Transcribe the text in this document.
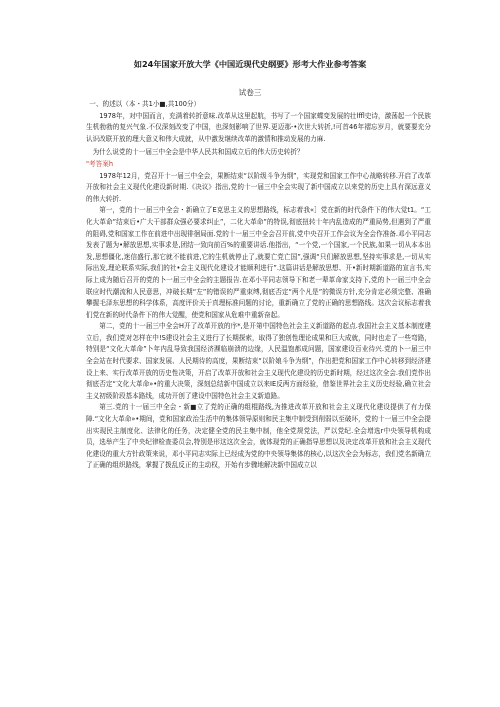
如24年国家开放大学《中国近现代史纲要》形考大作业参考答案
试卷三

一、的述以（本・共1小■,共100分）

1978年，对中国而言，充满着转折意味.改革从这里起航，书写了一个国家蝶变发展的壮lffl史诗，激荡起一个民族生机勃勃的复兴气象.不仅深刻改变了中国，也深刻影响了世界.更迈那-•次世大转折,!可首46年褶忘岁月，就要要充分认识改联开放的理大意义和伟大成就，从中激发继续改革的激情和推动发展的力麻.

为什么说党的十一届三中全会是中华人民共和国成立后的伟大历史转折？

"考答案h

1978年12月，党召开十一届三中全会，果断结束“以阶级斗争为纲”，实现党和国家工作中心战略转移.开启了改革开放和社会主义现代化建设新时期.《决议》指出,党的十一届三中全会实现了新中国成立以来党的历史上具有深远意义的伟大转折.

第一，党的十一届三中全会・新确立了E克思主义的思想路线，标志着我«］党在新的时代条件下的伟大觉t1。“工化大革命”结束后•广大干部群众强必要求纠止”，二化大革命”的特误,彻底扭转十年内乱造成的严重局势,但遇到了严重的阻碍,党和国家工作在前进中出现徘徊局面.党的十一届三中全会召开前,党中央召开工作会议为全会作准备.邓小平同志发表了题为•解放思想,实事求是,团结一致向前百%的重要讲话.他指出，“一个党,一个国家,一个民族,如果一切从本本出发,思想僵化,迷信盛行,那它就不能前进,它的生机就停止了,就要亡党亡国”,强调“只们解放思想,坚持实事求是,一切从实际出发,理论联系实际,我们的社•会主义现代化建设才能顺利进行”.这篇讲话是解放思想、开•新时期新道路的宣言书,实际上成为随后召开的党的卜一届三中全会的主题报告.在邓小平同志领导下和老一辈革命家支持下,党的卜一届三中全会联应时代潮流和人民意思，冲破长期“左”的错误的严重束缚,彻底否定“两个凡是”的微误方针,充分肯定必须完整、准确攀握毛泽东思想的科学体系，高度评价关于真理标准问题的讨论，重新确立了党的正确的思想路线。这次会议标志着我们党在新的时代条件下的伟大觉醒，使党和国家从危难中重新奋起。

第二，党的十一届三中全会H开了改革开放的序*,是开第中国特色社会主义新道路的起点.我国社会主义基本制度建立后，我们党对怎样在中!S建设社会主义进行了长期探索，取得了独创性理论成果和巨大成就，同时也走了一些弯路，特别是“文化大革命”卜年内乱导致我国经济濒临崩溃的边缘，人民温饱都成问题，国家建设百业待兴.党的卜一届三中全会站在时代要求、国家发展、人民期待的高度，果断结束“以阶娘斗争为纲”，作出把党和国家工作中心转移到经济建设上来、实行改革开放的历史性决策，开启了改革开放和社会主义现代化建设的历史新时期，经过这次全会.我们党作出彻底否定“文化大革命»•的重大决策，深刻总结新中国成立以来IE反两方面经验，借鉴世界社会主义历史经验,确立社会主义初级阶段基本路线，成功开创了建设中国特色社会主义新道路。

第三.党的十一届三中全会・新■立了党的正确的组棍路线,为推进改革开放和社会主义现代化建设提供了有力保障.“文化大革命»•期间，党和国家政治生活中的集体领导原则和民主集中制受到削弱以至破坏，党的十一届三中全会提出实现民主制度化、法律化的任务，决定健全党的民主集中制，他全党规党法，严以党纪.全会增选r中央领导机构成员，选举产生了中央纪律检查委员会,特别是形这这次全会，就体现党的正确指导思想以及决定改革开放和社会主义现代化建设的重大方针政策来说，邓小平同志实际上已经成为党的中央领导集体的核心,以这次全会为标志，我们党名新确立了正确的组织路线，掌握了拨乱反正的主动权，开始有步骤地解决新中国成立以
